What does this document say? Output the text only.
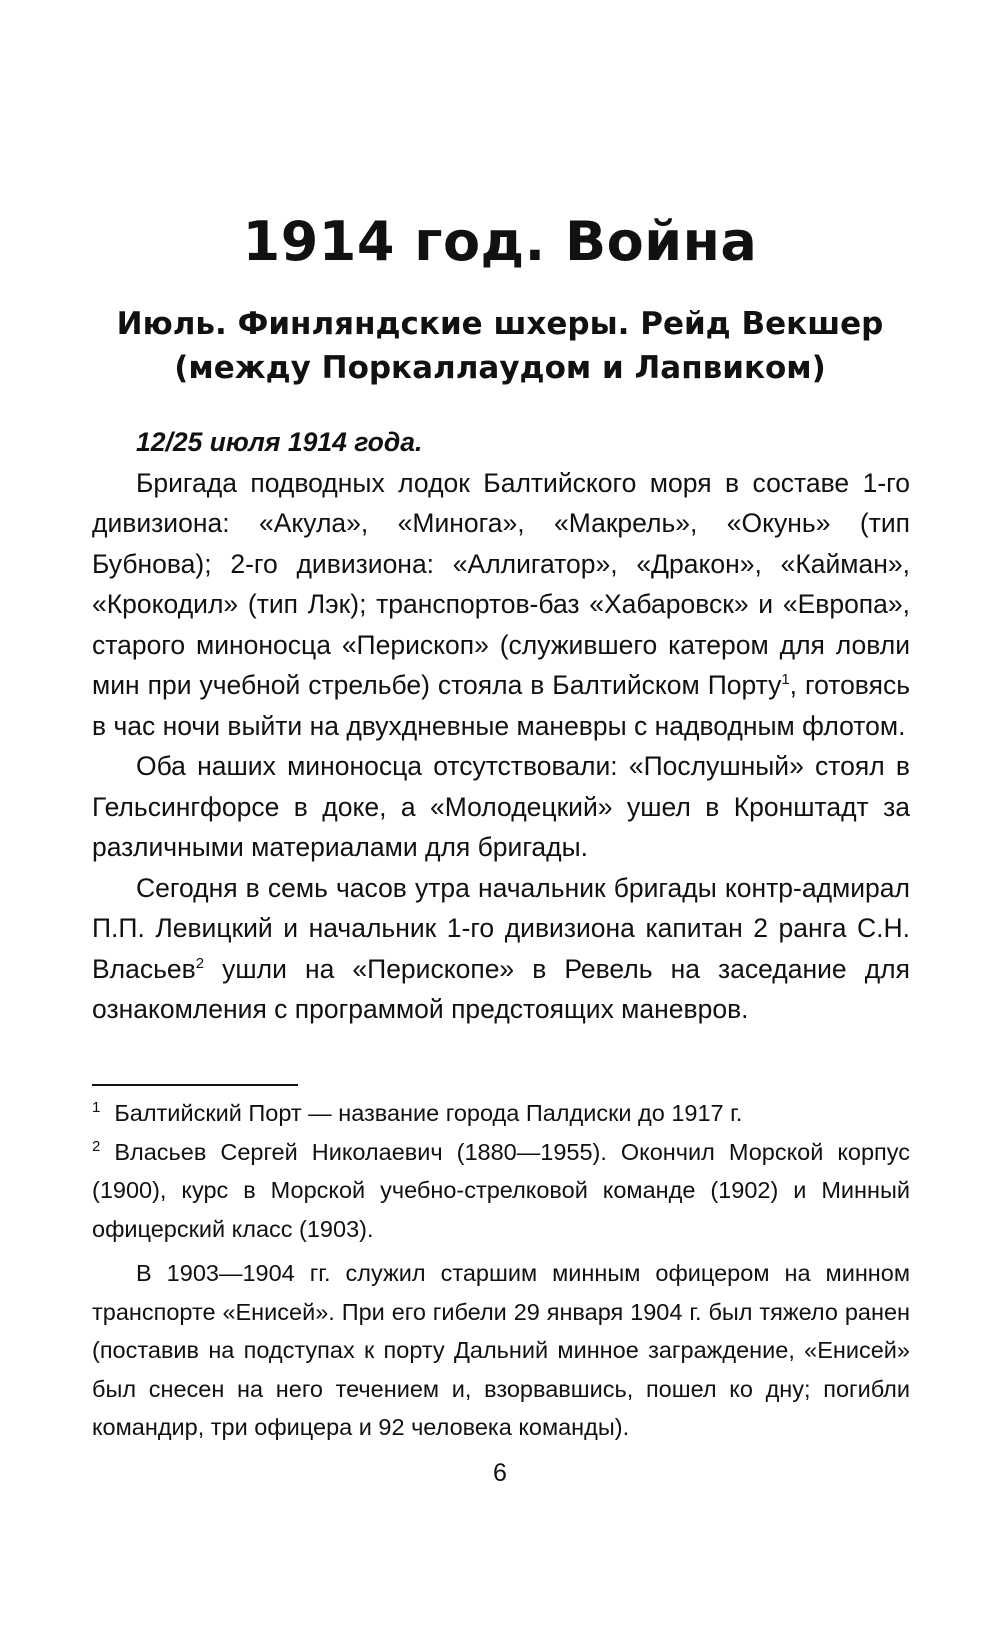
1914 год. Война
Июль. Финляндские шхеры. Рейд Векшер
(между Поркаллаудом и Лапвиком)

12/25 июля 1914 года.

Бригада подводных лодок Балтийского моря в составе 1-го дивизиона: «Акула», «Минога», «Макрель», «Окунь» (тип Бубнова); 2-го дивизиона: «Аллигатор», «Дракон», «Кайман», «Крокодил» (тип Лэк); транспортов-баз «Хабаровск» и «Европа», старого миноносца «Перископ» (служившего катером для ловли мин при учебной стрельбе) стояла в Балтийском Порту$^1$, готовясь в час ночи выйти на двухдневные маневры с надводным флотом.

Оба наших миноносца отсутствовали: «Послушный» стоял в Гельсингфорсе в доке, а «Молодецкий» ушел в Кронштадт за различными материалами для бригады.

Сегодня в семь часов утра начальник бригады контр-адмирал П.П. Левицкий и начальник 1-го дивизиона капитан 2 ранга С.Н. Власьев$^2$ ушли на «Перископе» в Ревель на заседание для ознакомления с программой предстоящих маневров.

$^1$ Балтийский Порт — название города Палдиски до 1917 г.

$^2$ Власьев Сергей Николаевич (1880—1955). Окончил Морской корпус (1900), курс в Морской учебно-стрелковой команде (1902) и Минный офицерский класс (1903).

В 1903—1904 гг. служил старшим минным офицером на минном транспорте «Енисей». При его гибели 29 января 1904 г. был тяжело ранен (поставив на подступах к порту Дальний минное заграждение, «Енисей» был снесен на него течением и, взорвавшись, пошел ко дну; погибли командир, три офицера и 92 человека команды).

6
